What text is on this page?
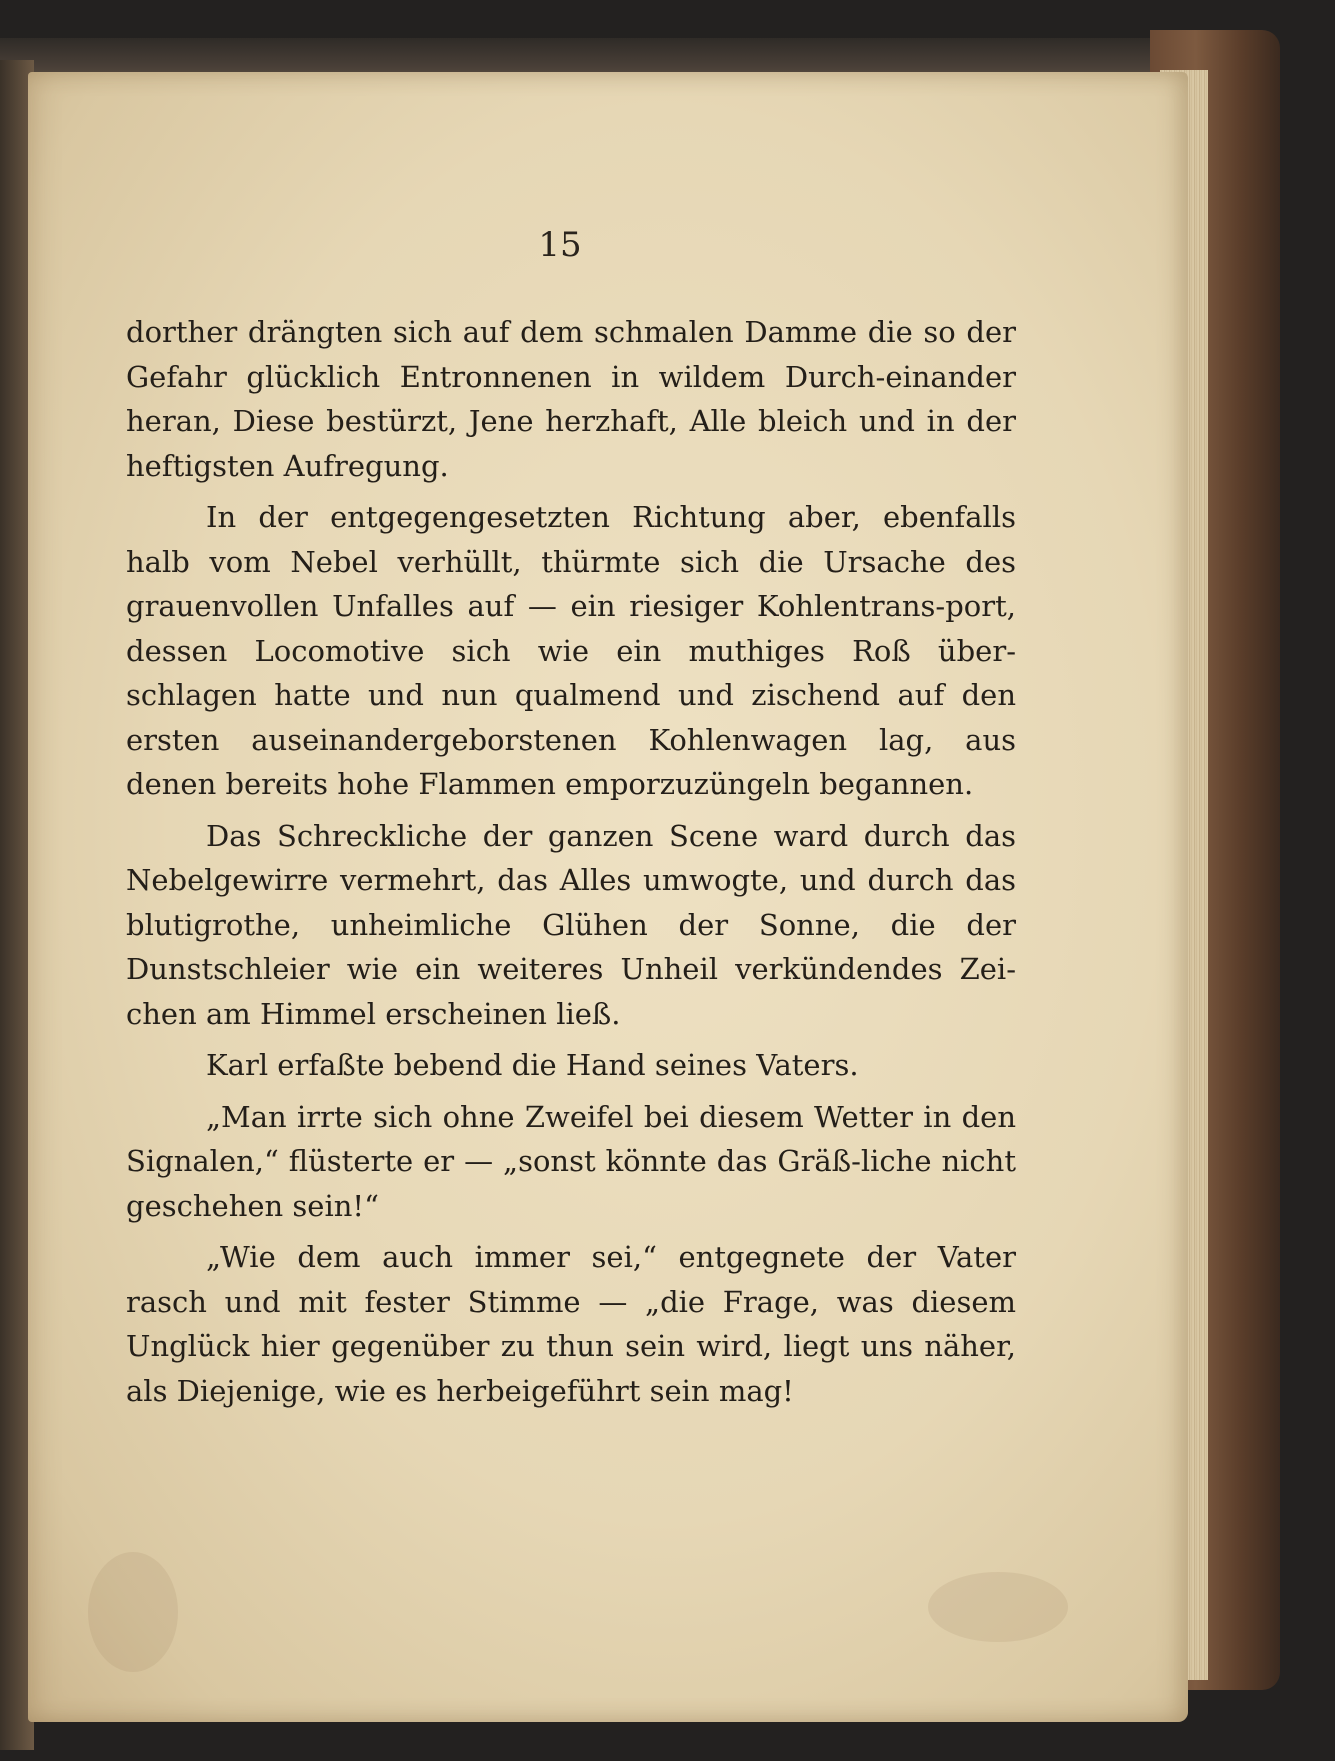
15

dorther drängten sich auf dem schmalen Damme die so der Gefahr glücklich Entronnenen in wildem Durch-einander heran, Diese bestürzt, Jene herzhaft, Alle bleich und in der heftigsten Aufregung.

In der entgegengesetzten Richtung aber, ebenfalls halb vom Nebel verhüllt, thürmte sich die Ursache des grauenvollen Unfalles auf — ein riesiger Kohlentrans-port, dessen Locomotive sich wie ein muthiges Roß über-schlagen hatte und nun qualmend und zischend auf den ersten auseinandergeborstenen Kohlenwagen lag, aus denen bereits hohe Flammen emporzuzüngeln begannen.

Das Schreckliche der ganzen Scene ward durch das Nebelgewirre vermehrt, das Alles umwogte, und durch das blutigrothe, unheimliche Glühen der Sonne, die der Dunstschleier wie ein weiteres Unheil verkündendes Zei-chen am Himmel erscheinen ließ.

Karl erfaßte bebend die Hand seines Vaters.

„Man irrte sich ohne Zweifel bei diesem Wetter in den Signalen,“ flüsterte er — „sonst könnte das Gräß-liche nicht geschehen sein!“

„Wie dem auch immer sei,“ entgegnete der Vater rasch und mit fester Stimme — „die Frage, was diesem Unglück hier gegenüber zu thun sein wird, liegt uns näher, als Diejenige, wie es herbeigeführt sein mag!
